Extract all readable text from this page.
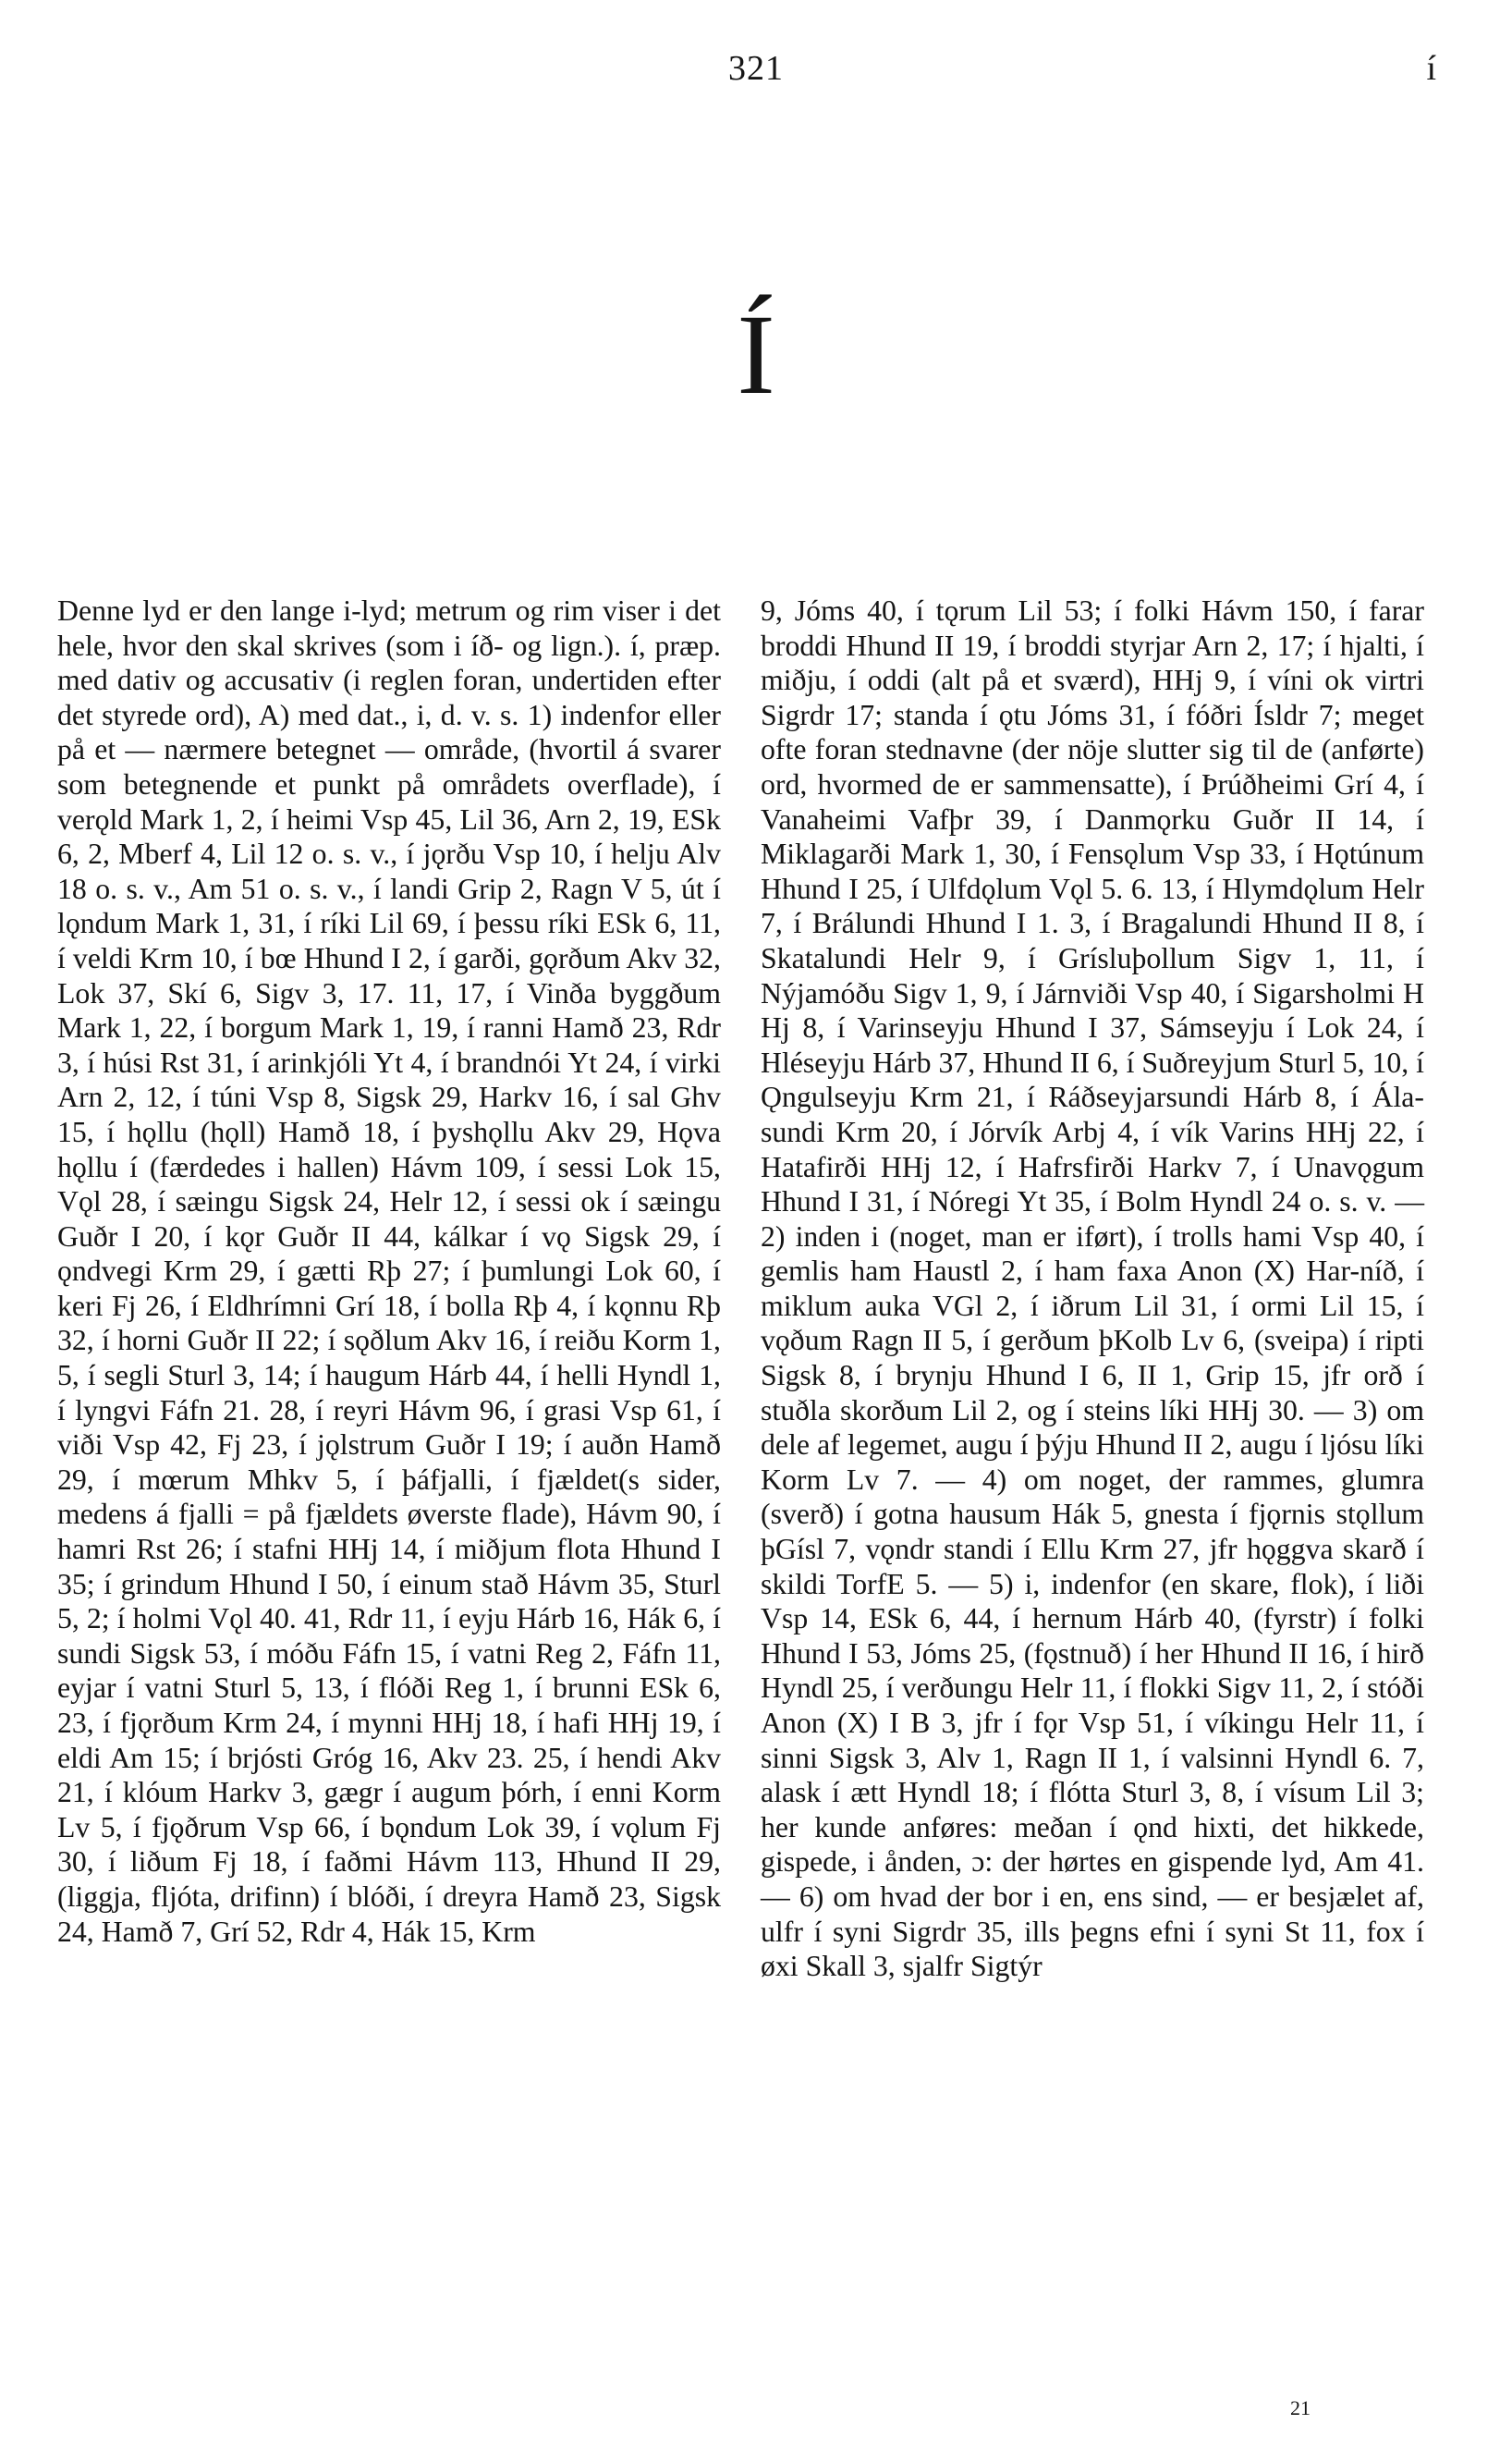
321	í
Í

Denne lyd er den lange i-lyd; metrum og rim viser i det hele, hvor den skal skrives (som i íð- og lign.). í, præp. med dativ og accusativ (i reglen foran, undertiden efter det styrede ord), A) med dat., i, d. v. s. 1) indenfor eller på et — nærmere betegnet — område, (hvortil á svarer som betegnende et punkt på områdets overflade), í verǫld Mark 1, 2, í heimi Vsp 45, Lil 36, Arn 2, 19, ESk 6, 2, Mberf 4, Lil 12 o. s. v., í jǫrðu Vsp 10, í helju Alv 18 o. s. v., Am 51 o. s. v., í landi Grip 2, Ragn V 5, út í lǫndum Mark 1, 31, í ríki Lil 69, í þessu ríki ESk 6, 11, í veldi Krm 10, í bœ Hhund I 2, í garði, gǫrðum Akv 32, Lok 37, Skí 6, Sigv 3, 17. 11, 17, í Vinða byggðum Mark 1, 22, í borgum Mark 1, 19, í ranni Hamð 23, Rdr 3, í húsi Rst 31, í arinkjóli Yt 4, í brandnói Yt 24, í virki Arn 2, 12, í túni Vsp 8, Sigsk 29, Harkv 16, í sal Ghv 15, í hǫllu (hǫll) Hamð 18, í þyshǫllu Akv 29, Hǫva hǫllu í (færdedes i hallen) Hávm 109, í sessi Lok 15, Vǫl 28, í sæingu Sigsk 24, Helr 12, í sessi ok í sæingu Guðr I 20, í kǫr Guðr II 44, kálkar í vǫ Sigsk 29, í ǫndvegi Krm 29, í gætti Rþ 27; í þumlungi Lok 60, í keri Fj 26, í Eldhrímni Grí 18, í bolla Rþ 4, í kǫnnu Rþ 32, í horni Guðr II 22; í sǫðlum Akv 16, í reiðu Korm 1, 5, í segli Sturl 3, 14; í haugum Hárb 44, í helli Hyndl 1, í lyngvi Fáfn 21. 28, í reyri Hávm 96, í grasi Vsp 61, í viði Vsp 42, Fj 23, í jǫlstrum Guðr I 19; í auðn Hamð 29, í mœrum Mhkv 5, í þáfjalli, í fjældet(s sider, medens á fjalli = på fjældets øverste flade), Hávm 90, í hamri Rst 26; í stafni HHj 14, í miðjum flota Hhund I 35; í grindum Hhund I 50, í einum stað Hávm 35, Sturl 5, 2; í holmi Vǫl 40. 41, Rdr 11, í eyju Hárb 16, Hák 6, í sundi Sigsk 53, í móðu Fáfn 15, í vatni Reg 2, Fáfn 11, eyjar í vatni Sturl 5, 13, í flóði Reg 1, í brunni ESk 6, 23, í fjǫrðum Krm 24, í mynni HHj 18, í hafi HHj 19, í eldi Am 15; í brjósti Gróg 16, Akv 23. 25, í hendi Akv 21, í klóum Harkv 3, gægr í augum þórh, í enni Korm Lv 5, í fjǫðrum Vsp 66, í bǫndum Lok 39, í vǫlum Fj 30, í liðum Fj 18, í faðmi Hávm 113, Hhund II 29, (liggja, fljóta, drifinn) í blóði, í dreyra Hamð 23, Sigsk 24, Hamð 7, Grí 52, Rdr 4, Hák 15, Krm

9, Jóms 40, í tǫrum Lil 53; í folki Hávm 150, í farar broddi Hhund II 19, í broddi styrjar Arn 2, 17; í hjalti, í miðju, í oddi (alt på et sværd), HHj 9, í víni ok virtri Sigrdr 17; standa í ǫtu Jóms 31, í fóðri Ísldr 7; meget ofte foran stednavne (der nöje slutter sig til de (anførte) ord, hvormed de er sammensatte), í Þrúðheimi Grí 4, í Vanaheimi Vafþr 39, í Danmǫrku Guðr II 14, í Miklagarði Mark 1, 30, í Fensǫlum Vsp 33, í Hǫtúnum Hhund I 25, í Ulfdǫlum Vǫl 5. 6. 13, í Hlymdǫlum Helr 7, í Brálundi Hhund I 1. 3, í Bragalundi Hhund II 8, í Skatalundi Helr 9, í Grísluþollum Sigv 1, 11, í Nýjamóðu Sigv 1, 9, í Járnviði Vsp 40, í Sigarsholmi H Hj 8, í Varinseyju Hhund I 37, Sámseyju í Lok 24, í Hléseyju Hárb 37, Hhund II 6, í Suðreyjum Sturl 5, 10, í Ǫngulseyju Krm 21, í Ráðseyjarsundi Hárb 8, í Ála-sundi Krm 20, í Jórvík Arbj 4, í vík Varins HHj 22, í Hatafirði HHj 12, í Hafrsfirði Harkv 7, í Unavǫgum Hhund I 31, í Nóregi Yt 35, í Bolm Hyndl 24 o. s. v. — 2) inden i (noget, man er iført), í trolls hami Vsp 40, í gemlis ham Haustl 2, í ham faxa Anon (X) Har-níð, í miklum auka VGl 2, í iðrum Lil 31, í ormi Lil 15, í vǫðum Ragn II 5, í gerðum þKolb Lv 6, (sveipa) í ripti Sigsk 8, í brynju Hhund I 6, II 1, Grip 15, jfr orð í stuðla skorðum Lil 2, og í steins líki HHj 30. — 3) om dele af legemet, augu í þýju Hhund II 2, augu í ljósu líki Korm Lv 7. — 4) om noget, der rammes, glumra (sverð) í gotna hausum Hák 5, gnesta í fjǫrnis stǫllum þGísl 7, vǫndr standi í Ellu Krm 27, jfr hǫggva skarð í skildi TorfE 5. — 5) i, indenfor (en skare, flok), í liði Vsp 14, ESk 6, 44, í hernum Hárb 40, (fyrstr) í folki Hhund I 53, Jóms 25, (fǫstnuð) í her Hhund II 16, í hirð Hyndl 25, í verðungu Helr 11, í flokki Sigv 11, 2, í stóði Anon (X) I B 3, jfr í fǫr Vsp 51, í víkingu Helr 11, í sinni Sigsk 3, Alv 1, Ragn II 1, í valsinni Hyndl 6. 7, alask í ætt Hyndl 18; í flótta Sturl 3, 8, í vísum Lil 3; her kunde anføres: meðan í ǫnd hixti, det hikkede, gispede, i ånden, ɔ: der hørtes en gispende lyd, Am 41. — 6) om hvad der bor i en, ens sind, — er besjælet af, ulfr í syni Sigrdr 35, ills þegns efni í syni St 11, fox í øxi Skall 3, sjalfr Sigtýr

21
